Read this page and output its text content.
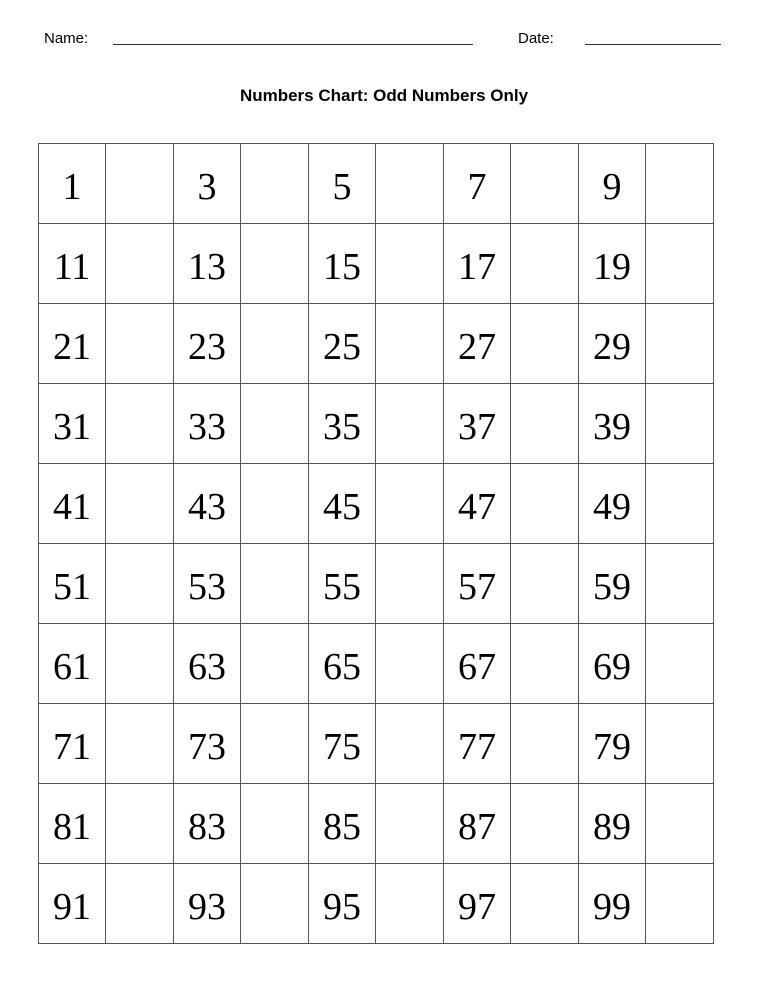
Name:	Date:
Numbers Chart: Odd Numbers Only
1		3		5		7		9	
11		13		15		17		19	
21		23		25		27		29	
31		33		35		37		39	
41		43		45		47		49	
51		53		55		57		59	
61		63		65		67		69	
71		73		75		77		79	
81		83		85		87		89	
91		93		95		97		99	
